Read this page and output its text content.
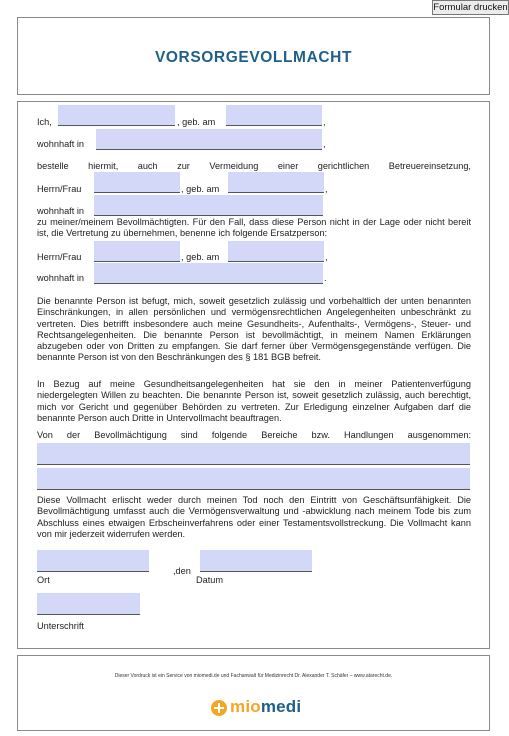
Formular drucken
VORSORGEVOLLMACHT
Ich,	, geb. am	,
wohnhaft in	,
bestelle hiermit, auch zur Vermeidung einer gerichtlichen Betreuereinsetzung,
Herrn/Frau	, geb. am	,
wohnhaft in
zu meiner/meinem Bevollmächtigten. Für den Fall, dass diese Person nicht in der Lage oder nicht bereit ist, die Vertretung zu übernehmen, benenne ich folgende Ersatzperson:
Herrn/Frau	, geb. am	,
wohnhaft in	.
Die benannte Person ist befugt, mich, soweit gesetzlich zulässig und vorbehaltlich der unten benannten Einschränkungen, in allen persönlichen und vermögensrechtlichen Angelegenheiten unbeschränkt zu vertreten. Dies betrifft insbesondere auch meine Gesundheits-, Aufenthalts-, Vermögens-, Steuer- und Rechtsangelegenheiten. Die benannte Person ist bevollmächtigt, in meinem Namen Erklärungen abzugeben oder von Dritten zu empfangen. Sie darf ferner über Vermögensgegenstände verfügen. Die benannte Person ist von den Beschränkungen des § 181 BGB befreit.
In Bezug auf meine Gesundheitsangelegenheiten hat sie den in meiner Patientenverfügung niedergelegten Willen zu beachten. Die benannte Person ist, soweit gesetzlich zulässig, auch berechtigt, mich vor Gericht und gegenüber Behörden zu vertreten. Zur Erledigung einzelner Aufgaben darf die benannte Person auch Dritte in Untervollmacht beauftragen.
Von der Bevollmächtigung sind folgende Bereiche bzw. Handlungen ausgenommen:
Diese Vollmacht erlischt weder durch meinen Tod noch den Eintritt von Geschäftsunfähigkeit. Die Bevollmächtigung umfasst auch die Vermögensverwaltung und -abwicklung nach meinem Tode bis zum Abschluss eines etwaigen Erbscheinverfahrens oder einer Testamentsvollstreckung. Die Vollmacht kann von mir jederzeit widerrufen werden.
,den
Ort	Datum
Unterschrift
Dieser Vordruck ist ein Service von miomedi.de und Fachanwalt für Medizinrecht Dr. Alexander T. Schäfer – www.atarecht.de.
miomedi
